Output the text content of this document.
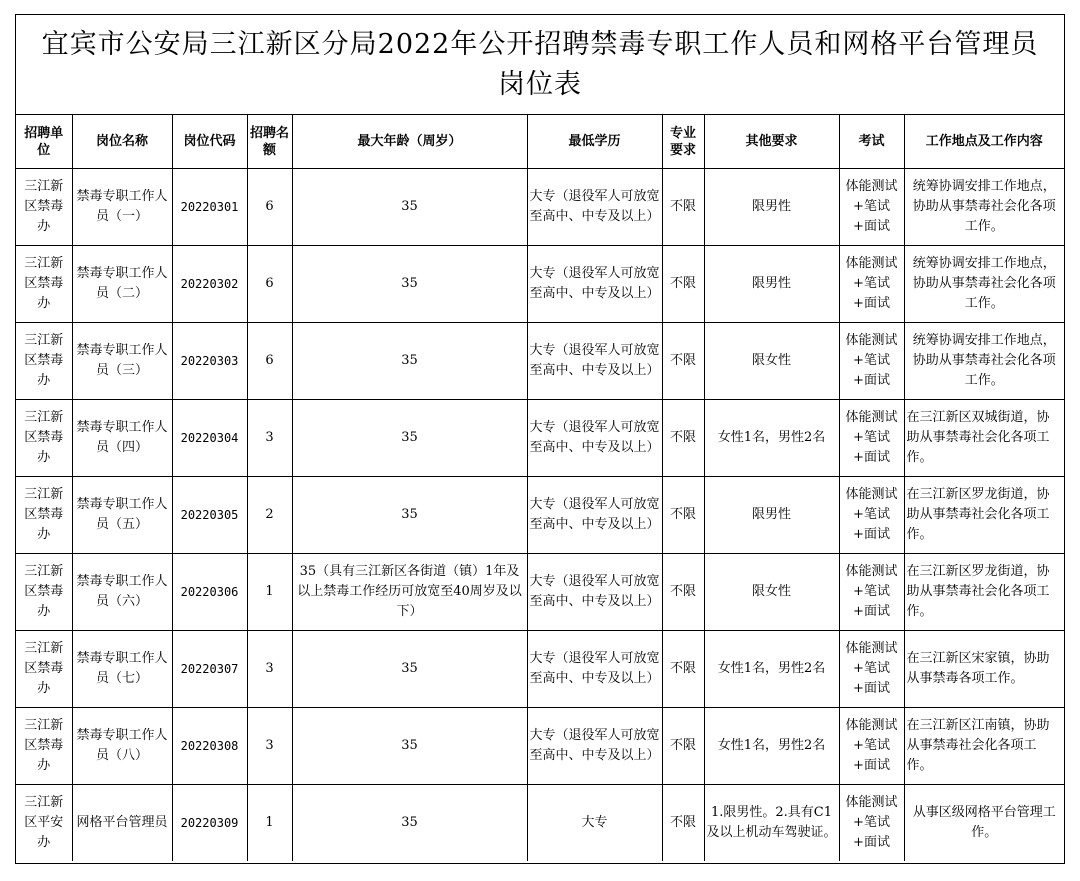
宜宾市公安局三江新区分局2022年公开招聘禁毒专职工作人员和网格平台管理员
岗位表
招聘单位	岗位名称	岗位代码	招聘名额	最大年龄（周岁）	最低学历	专业要求	其他要求	考试	工作地点及工作内容
三江新区禁毒办	禁毒专职工作人员（一）	20220301	6	35	大专（退役军人可放宽至高中、中专及以上）	不限	限男性	体能测试+笔试+面试	统筹协调安排工作地点，协助从事禁毒社会化各项工作。
三江新区禁毒办	禁毒专职工作人员（二）	20220302	6	35	大专（退役军人可放宽至高中、中专及以上）	不限	限男性	体能测试+笔试+面试	统筹协调安排工作地点，协助从事禁毒社会化各项工作。
三江新区禁毒办	禁毒专职工作人员（三）	20220303	6	35	大专（退役军人可放宽至高中、中专及以上）	不限	限女性	体能测试+笔试+面试	统筹协调安排工作地点，协助从事禁毒社会化各项工作。
三江新区禁毒办	禁毒专职工作人员（四）	20220304	3	35	大专（退役军人可放宽至高中、中专及以上）	不限	女性1名，男性2名	体能测试+笔试+面试	在三江新区双城街道，协助从事禁毒社会化各项工作。
三江新区禁毒办	禁毒专职工作人员（五）	20220305	2	35	大专（退役军人可放宽至高中、中专及以上）	不限	限男性	体能测试+笔试+面试	在三江新区罗龙街道，协助从事禁毒社会化各项工作。
三江新区禁毒办	禁毒专职工作人员（六）	20220306	1	35（具有三江新区各街道（镇）1年及以上禁毒工作经历可放宽至40周岁及以下）	大专（退役军人可放宽至高中、中专及以上）	不限	限女性	体能测试+笔试+面试	在三江新区罗龙街道，协助从事禁毒社会化各项工作。
三江新区禁毒办	禁毒专职工作人员（七）	20220307	3	35	大专（退役军人可放宽至高中、中专及以上）	不限	女性1名，男性2名	体能测试+笔试+面试	在三江新区宋家镇，协助从事禁毒各项工作。
三江新区禁毒办	禁毒专职工作人员（八）	20220308	3	35	大专（退役军人可放宽至高中、中专及以上）	不限	女性1名，男性2名	体能测试+笔试+面试	在三江新区江南镇，协助从事禁毒社会化各项工作。
三江新区平安办	网格平台管理员	20220309	1	35	大专	不限	1.限男性。2.具有C1及以上机动车驾驶证。	体能测试+笔试+面试	从事区级网格平台管理工作。
